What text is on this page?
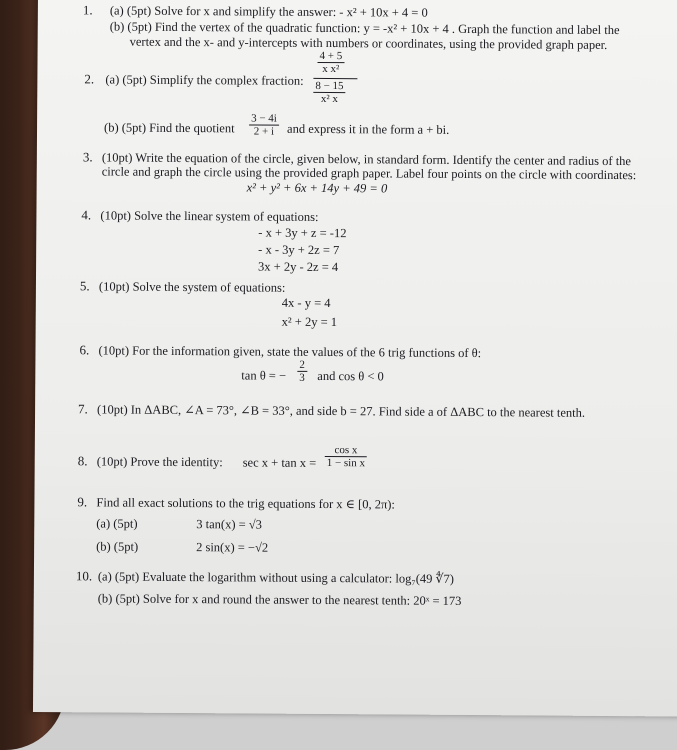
1. (a) (5pt) Solve for x and simplify the answer: - x² + 10x + 4 = 0
(b) (5pt) Find the vertex of the quadratic function: y = -x² + 10x + 4 . Graph the function and label the
vertex and the x- and y-intercepts with numbers or coordinates, using the provided graph paper.
2. (a) (5pt) Simplify the complex fraction:
$\frac{4 + 5}{\text{x x²}}$
$\frac{8 - 15}{\text{x² x}}$
(b) (5pt) Find the quotient $\frac{3 - 4i}{2 + i}$ and express it in the form a + bi.
3. (10pt) Write the equation of the circle, given below, in standard form. Identify the center and radius of the
circle and graph the circle using the provided graph paper. Label four points on the circle with coordinates:
x² + y² + 6x + 14y + 49 = 0
4. (10pt) Solve the linear system of equations:
- x + 3y + z = -12
- x - 3y + 2z = 7
3x + 2y - 2z = 4
5. (10pt) Solve the system of equations:
4x - y = 4
x² + 2y = 1
6. (10pt) For the information given, state the values of the 6 trig functions of θ:
tan θ = − $\frac{2}{3}$ and cos θ < 0
7. (10pt) In ΔABC, ∠A = 73°, ∠B = 33°, and side b = 27. Find side a of ΔABC to the nearest tenth.
8. (10pt) Prove the identity: $\sec x + \tan x = \frac{\text{cos x}}{\text{1 − sin x}}$
9. Find all exact solutions to the trig equations for x ∈ [0, 2π):
(a) (5pt)	3 tan(x) = √3
(b) (5pt)	2 sin(x) = −√2
10. (a) (5pt) Evaluate the logarithm without using a calculator: log₇(49 ∜7)
(b) (5pt) Solve for x and round the answer to the nearest tenth: 20ˣ = 173
